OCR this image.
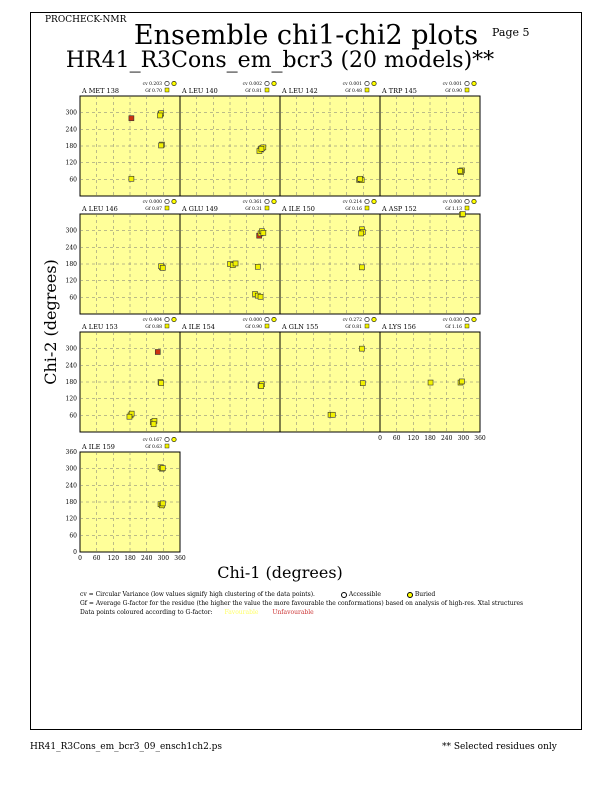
PROCHECK-NMR
Page 5
Ensemble chi1-chi2 plots
HR41_R3Cons_em_bcr3 (20 models)**
A MET 138
cv 0.203
Gf 0.70
60
120
180
240
300
A LEU 140
cv 0.002
Gf 0.81	A LEU 142
cv 0.001
Gf 0.48	A TRP 145
cv 0.001
Gf 0.90
A LEU 146
cv 0.000
Gf 0.87
60
120
180
240
300
A GLU 149
cv 0.361
Gf 0.31	A ILE 150
cv 0.214
Gf 0.16	A ASP 152
cv 0.000
Gf 1.13
A LEU 153
cv 0.404
Gf 0.88
60
120
180
240
300
A ILE 154
cv 0.000
Gf 0.90	A GLN 155
cv 0.272
Gf 0.81	A LYS 156
cv 0.030
Gf 1.16
0 60 120 180 240 300 360
A ILE 159
cv 0.167
Gf 0.63
0
60
120
180
240
300
360
0 60 120 180 240 300 360
Chi-1 (degrees)
Chi-2 (degrees)
cv = Circular Variance (low values signify high clustering of the data points).	Accessible	Buried
Gf = Average G-factor for the residue (the higher the value the more favourable the conformations) based on analysis of high-res. Xtal structures
Data points coloured according to G-factor: Favourable Unfavourable
HR41_R3Cons_em_bcr3_09_ensch1ch2.ps	** Selected residues only
